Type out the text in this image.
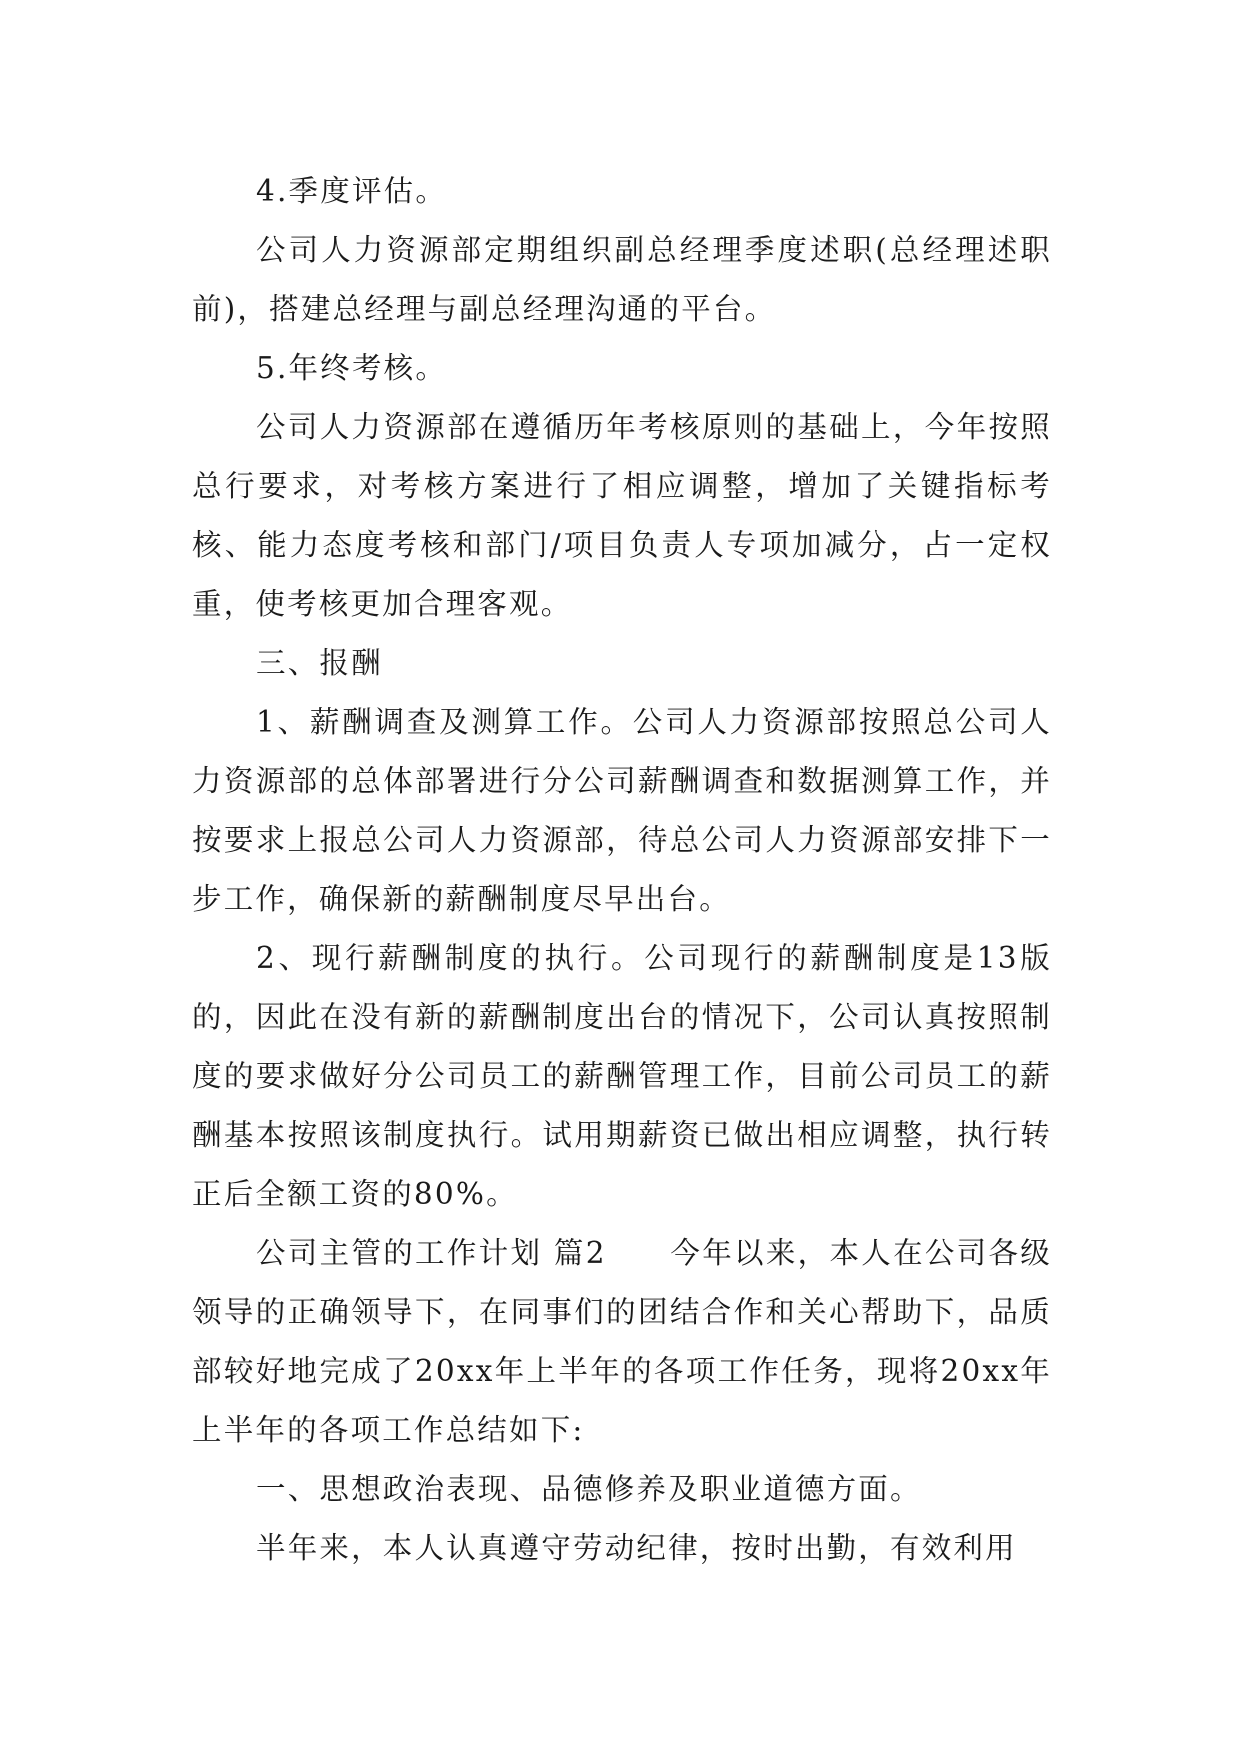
4.季度评估。

公司人力资源部定期组织副总经理季度述职(总经理述职前)，搭建总经理与副总经理沟通的平台。

5.年终考核。

公司人力资源部在遵循历年考核原则的基础上，今年按照总行要求，对考核方案进行了相应调整，增加了关键指标考核、能力态度考核和部门/项目负责人专项加减分，占一定权重，使考核更加合理客观。

三、报酬

1、薪酬调查及测算工作。公司人力资源部按照总公司人力资源部的总体部署进行分公司薪酬调查和数据测算工作，并按要求上报总公司人力资源部，待总公司人力资源部安排下一步工作，确保新的薪酬制度尽早出台。

2、现行薪酬制度的执行。公司现行的薪酬制度是13版的，因此在没有新的薪酬制度出台的情况下，公司认真按照制度的要求做好分公司员工的薪酬管理工作，目前公司员工的薪酬基本按照该制度执行。试用期薪资已做出相应调整，执行转正后全额工资的80%。

公司主管的工作计划 篇2　　今年以来，本人在公司各级领导的正确领导下，在同事们的团结合作和关心帮助下，品质部较好地完成了20xx年上半年的各项工作任务，现将20xx年上半年的各项工作总结如下:

一、思想政治表现、品德修养及职业道德方面。

半年来，本人认真遵守劳动纪律，按时出勤，有效利用
